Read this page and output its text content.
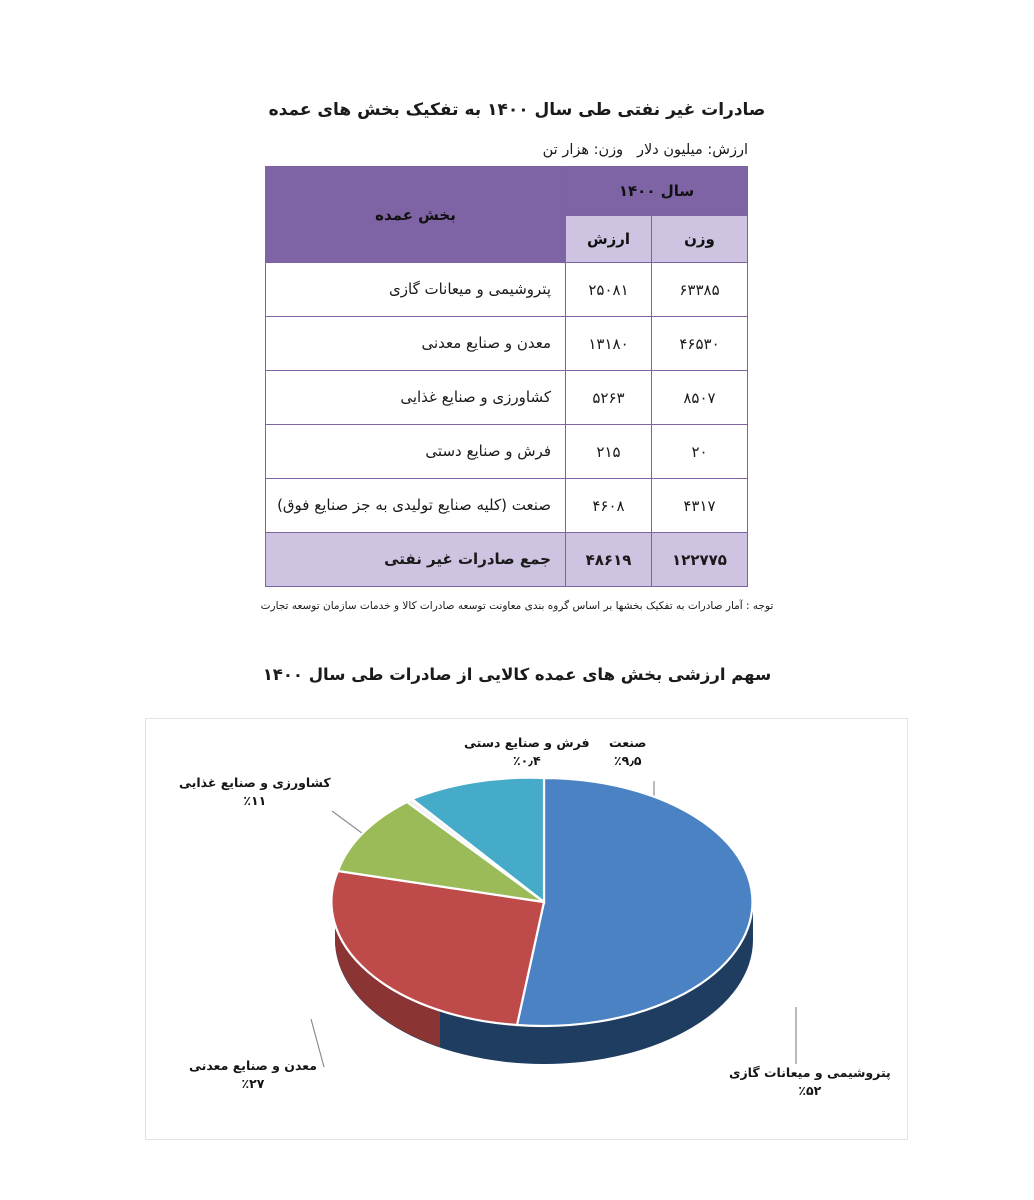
صادرات غیر نفتی طی سال ۱۴۰۰ به تفکیک بخش های عمده
ارزش: میلیون دلار   وزن: هزار تن
سال ۱۴۰۰		بخش عمده
وزن	ارزش	
۶۳۳۸۵	۲۵۰۸۱	پتروشیمی و میعانات گازی
۴۶۵۳۰	۱۳۱۸۰	معدن و صنایع معدنی
۸۵۰۷	۵۲۶۳	کشاورزی و صنایع غذایی
۲۰	۲۱۵	فرش و صنایع دستی
۴۳۱۷	۴۶۰۸	صنعت (کلیه صنایع تولیدی به جز صنایع فوق)
۱۲۲۷۷۵	۴۸۶۱۹	جمع صادرات غیر نفتی
توجه : آمار صادرات به تفکیک بخشها بر اساس گروه بندی معاونت توسعه صادرات کالا و خدمات سازمان توسعه تجارت
سهم ارزشی بخش های عمده کالایی از صادرات طی سال ۱۴۰۰
صنعت
٪۹٫۵
فرش و صنایع دستی
٪۰٫۴
کشاورزی و صنایع غذایی
٪۱۱
معدن و صنایع معدنی
٪۲۷
پتروشیمی و میعانات گازی
٪۵۲
